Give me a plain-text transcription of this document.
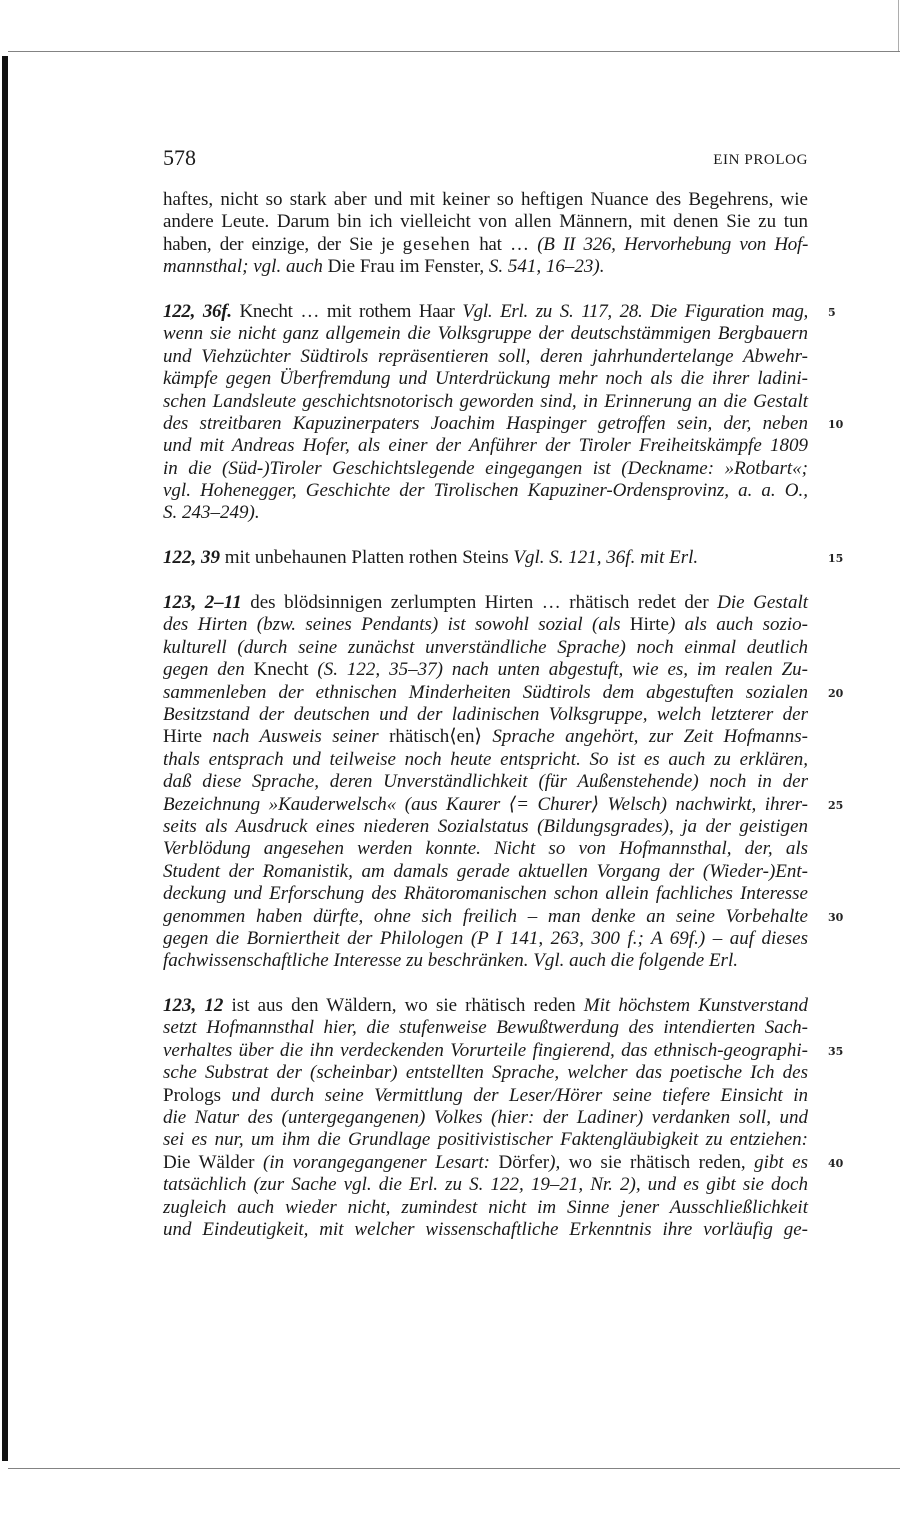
578	EIN PROLOG
haftes, nicht so stark aber und mit keiner so heftigen Nuance des Begehrens, wie
andere Leute. Darum bin ich vielleicht von allen Männern, mit denen Sie zu tun
haben, der einzige, der Sie je gesehen hat … (B II 326, Hervorhebung von Hof-
mannsthal; vgl. auch Die Frau im Fenster, S. 541, 16–23).
122, 36f. Knecht … mit rothem Haar Vgl. Erl. zu S. 117, 28. Die Figuration mag, 5
wenn sie nicht ganz allgemein die Volksgruppe der deutschstämmigen Bergbauern
und Viehzüchter Südtirols repräsentieren soll, deren jahrhundertelange Abwehr-
kämpfe gegen Überfremdung und Unterdrückung mehr noch als die ihrer ladini-
schen Landsleute geschichtsnotorisch geworden sind, in Erinnerung an die Gestalt
des streitbaren Kapuzinerpaters Joachim Haspinger getroffen sein, der, neben 10
und mit Andreas Hofer, als einer der Anführer der Tiroler Freiheitskämpfe 1809
in die (Süd-)Tiroler Geschichtslegende eingegangen ist (Deckname: »Rotbart«;
vgl. Hohenegger, Geschichte der Tirolischen Kapuziner-Ordensprovinz, a. a. O.,
S. 243–249).
122, 39 mit unbehaunen Platten rothen Steins Vgl. S. 121, 36f. mit Erl.	15
123, 2–11 des blödsinnigen zerlumpten Hirten … rhätisch redet der Die Gestalt
des Hirten (bzw. seines Pendants) ist sowohl sozial (als Hirte) als auch sozio-
kulturell (durch seine zunächst unverständliche Sprache) noch einmal deutlich
gegen den Knecht (S. 122, 35–37) nach unten abgestuft, wie es, im realen Zu-
sammenleben der ethnischen Minderheiten Südtirols dem abgestuften sozialen 20
Besitzstand der deutschen und der ladinischen Volksgruppe, welch letzterer der
Hirte nach Ausweis seiner rhätisch⟨en⟩ Sprache angehört, zur Zeit Hofmanns-
thals entsprach und teilweise noch heute entspricht. So ist es auch zu erklären,
daß diese Sprache, deren Unverständlichkeit (für Außenstehende) noch in der
Bezeichnung »Kauderwelsch« (aus Kaurer ⟨= Churer⟩ Welsch) nachwirkt, ihrer- 25
seits als Ausdruck eines niederen Sozialstatus (Bildungsgrades), ja der geistigen
Verblödung angesehen werden konnte. Nicht so von Hofmannsthal, der, als
Student der Romanistik, am damals gerade aktuellen Vorgang der (Wieder-)Ent-
deckung und Erforschung des Rhätoromanischen schon allein fachliches Interesse
genommen haben dürfte, ohne sich freilich – man denke an seine Vorbehalte 30
gegen die Borniertheit der Philologen (P I 141, 263, 300 f.; A 69f.) – auf dieses
fachwissenschaftliche Interesse zu beschränken. Vgl. auch die folgende Erl.
123, 12 ist aus den Wäldern, wo sie rhätisch reden Mit höchstem Kunstverstand
setzt Hofmannsthal hier, die stufenweise Bewußtwerdung des intendierten Sach-
verhaltes über die ihn verdeckenden Vorurteile fingierend, das ethnisch-geographi- 35
sche Substrat der (scheinbar) entstellten Sprache, welcher das poetische Ich des
Prologs und durch seine Vermittlung der Leser/Hörer seine tiefere Einsicht in
die Natur des (untergegangenen) Volkes (hier: der Ladiner) verdanken soll, und
sei es nur, um ihm die Grundlage positivistischer Faktengläubigkeit zu entziehen:
Die Wälder (in vorangegangener Lesart: Dörfer), wo sie rhätisch reden, gibt es 40
tatsächlich (zur Sache vgl. die Erl. zu S. 122, 19–21, Nr. 2), und es gibt sie doch
zugleich auch wieder nicht, zumindest nicht im Sinne jener Ausschließlichkeit
und Eindeutigkeit, mit welcher wissenschaftliche Erkenntnis ihre vorläufig ge-
